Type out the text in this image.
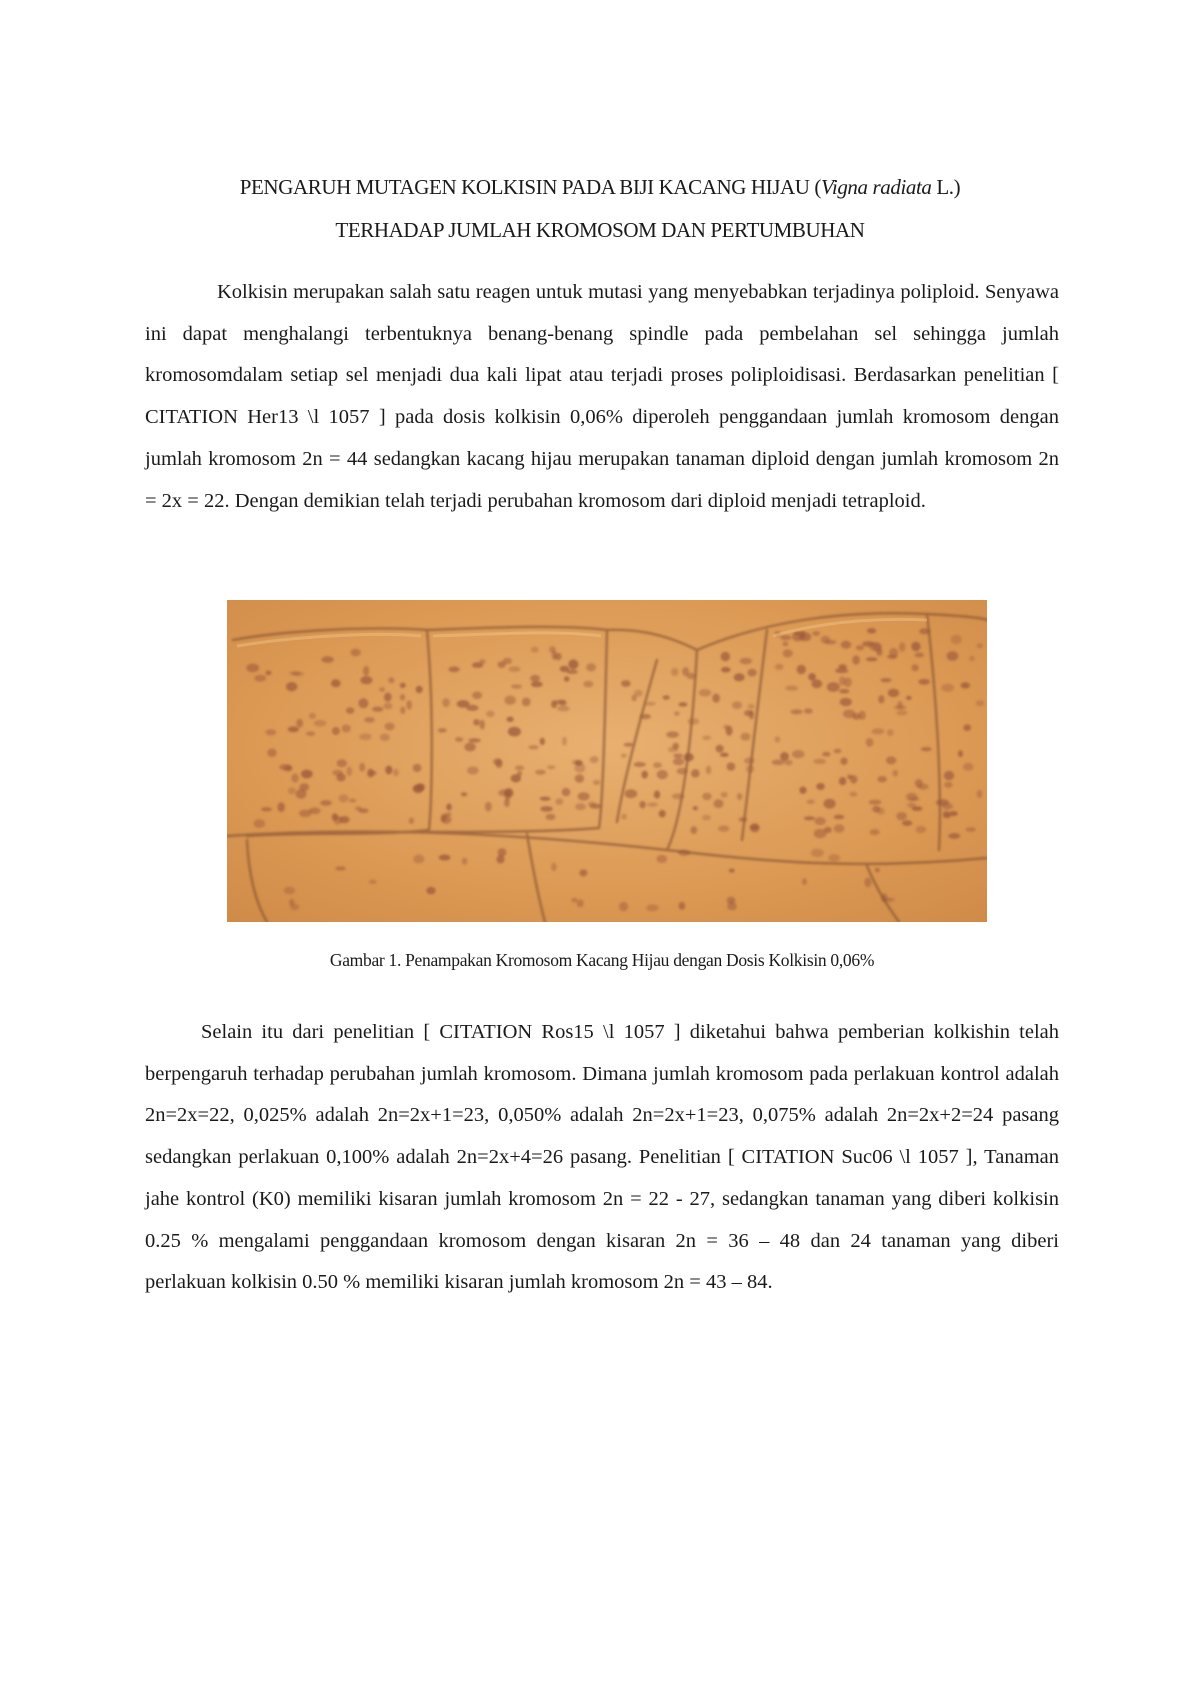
PENGARUH MUTAGEN KOLKISIN PADA BIJI KACANG HIJAU (Vigna radiata L.)
TERHADAP JUMLAH KROMOSOM DAN PERTUMBUHAN

Kolkisin merupakan salah satu reagen untuk mutasi yang menyebabkan terjadinya poliploid. Senyawa ini dapat menghalangi terbentuknya benang-benang spindle pada pembelahan sel sehingga jumlah kromosomdalam setiap sel menjadi dua kali lipat atau terjadi proses poliploidisasi. Berdasarkan penelitian [ CITATION Her13 \l 1057 ] pada dosis kolkisin 0,06% diperoleh penggandaan jumlah kromosom dengan jumlah kromosom 2n = 44 sedangkan kacang hijau merupakan tanaman diploid dengan jumlah kromosom 2n = 2x = 22. Dengan demikian telah terjadi perubahan kromosom dari diploid menjadi tetraploid.

Gambar 1. Penampakan Kromosom Kacang Hijau dengan Dosis Kolkisin 0,06%

Selain itu dari penelitian [ CITATION Ros15 \l 1057 ] diketahui bahwa pemberian kolkishin telah berpengaruh terhadap perubahan jumlah kromosom. Dimana jumlah kromosom pada perlakuan kontrol adalah 2n=2x=22, 0,025% adalah 2n=2x+1=23, 0,050% adalah 2n=2x+1=23, 0,075% adalah 2n=2x+2=24 pasang sedangkan perlakuan 0,100% adalah 2n=2x+4=26 pasang. Penelitian [ CITATION Suc06 \l 1057 ], Tanaman jahe kontrol (K0) memiliki kisaran jumlah kromosom 2n = 22 - 27, sedangkan tanaman yang diberi kolkisin 0.25 % mengalami penggandaan kromosom dengan kisaran 2n = 36 – 48 dan 24 tanaman yang diberi perlakuan kolkisin 0.50 % memiliki kisaran jumlah kromosom 2n = 43 – 84.
